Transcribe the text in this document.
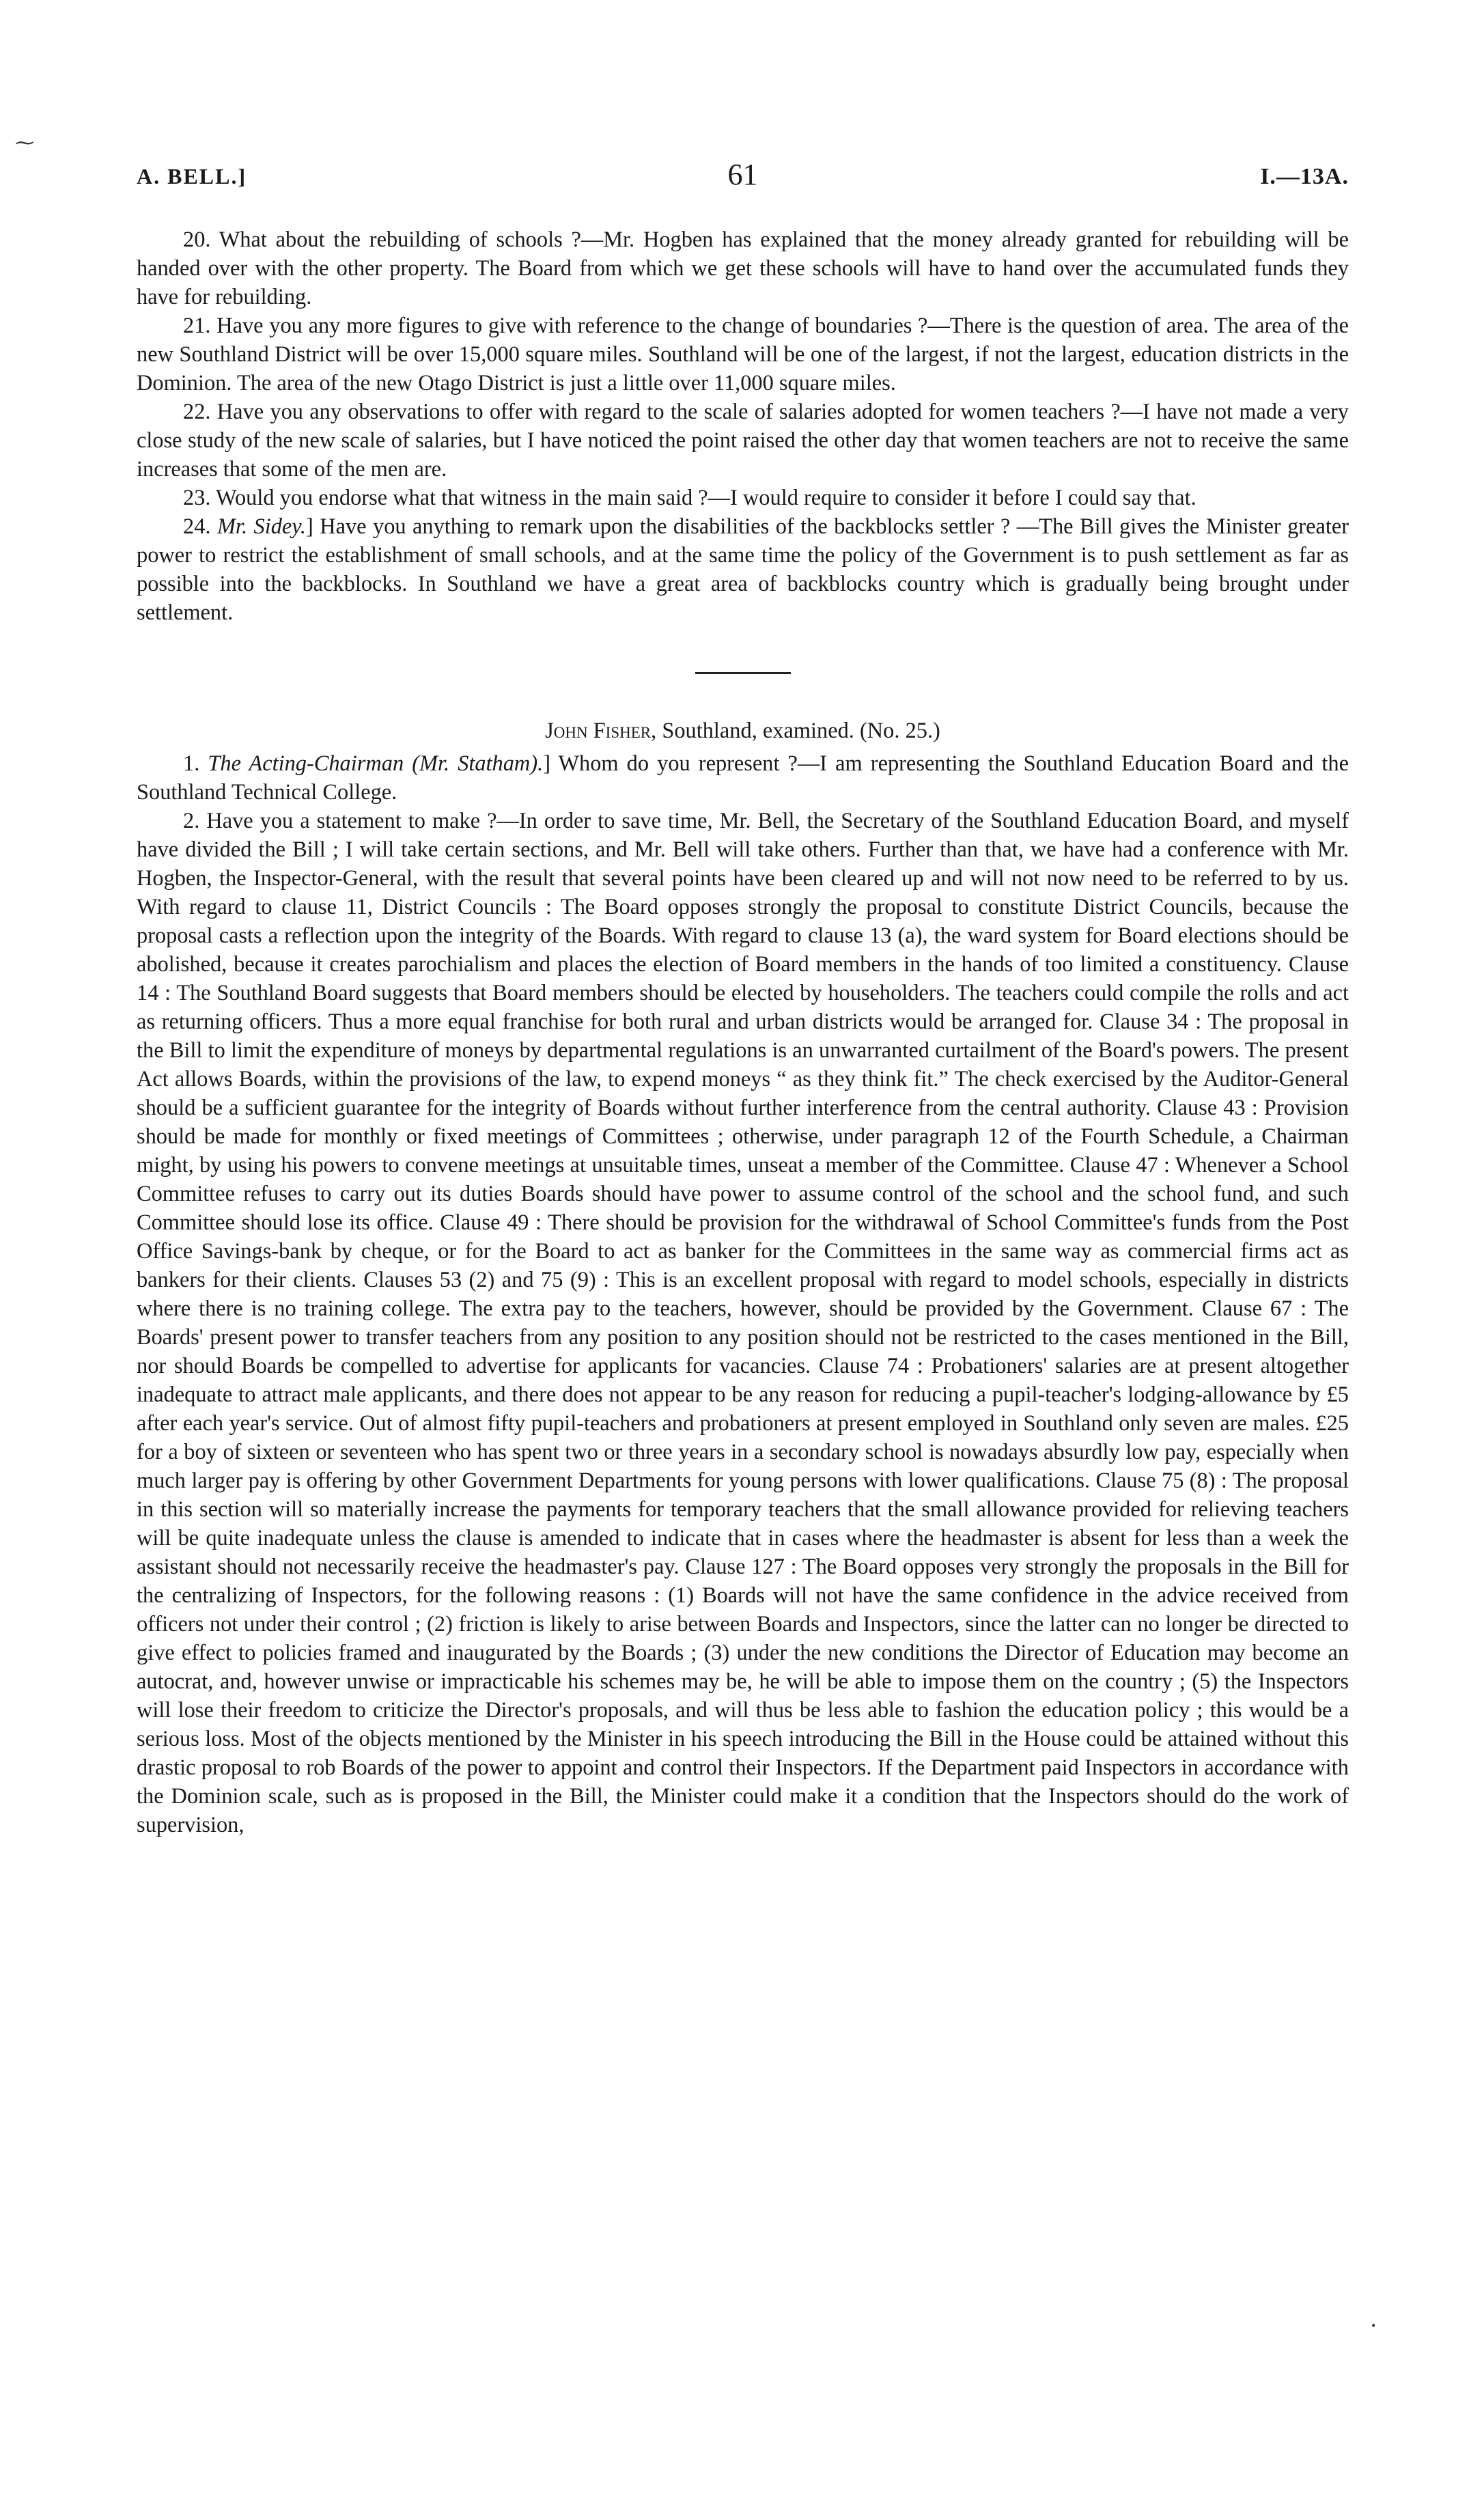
A. BELL.]	61	I.—13A.

20. What about the rebuilding of schools ?—Mr. Hogben has explained that the money already granted for rebuilding will be handed over with the other property. The Board from which we get these schools will have to hand over the accumulated funds they have for rebuilding.

21. Have you any more figures to give with reference to the change of boundaries ?—There is the question of area. The area of the new Southland District will be over 15,000 square miles. Southland will be one of the largest, if not the largest, education districts in the Dominion. The area of the new Otago District is just a little over 11,000 square miles.

22. Have you any observations to offer with regard to the scale of salaries adopted for women teachers ?—I have not made a very close study of the new scale of salaries, but I have noticed the point raised the other day that women teachers are not to receive the same increases that some of the men are.

23. Would you endorse what that witness in the main said ?—I would require to consider it before I could say that.

24. Mr. Sidey.] Have you anything to remark upon the disabilities of the backblocks settler ? —The Bill gives the Minister greater power to restrict the establishment of small schools, and at the same time the policy of the Government is to push settlement as far as possible into the backblocks. In Southland we have a great area of backblocks country which is gradually being brought under settlement.

John Fisher, Southland, examined. (No. 25.)

1. The Acting-Chairman (Mr. Statham).] Whom do you represent ?—I am representing the Southland Education Board and the Southland Technical College.

2. Have you a statement to make ?—In order to save time, Mr. Bell, the Secretary of the Southland Education Board, and myself have divided the Bill ; I will take certain sections, and Mr. Bell will take others. Further than that, we have had a conference with Mr. Hogben, the Inspector-General, with the result that several points have been cleared up and will not now need to be referred to by us. With regard to clause 11, District Councils : The Board opposes strongly the proposal to constitute District Councils, because the proposal casts a reflection upon the integrity of the Boards. With regard to clause 13 (a), the ward system for Board elections should be abolished, because it creates parochialism and places the election of Board members in the hands of too limited a constituency. Clause 14 : The Southland Board suggests that Board members should be elected by householders. The teachers could compile the rolls and act as returning officers. Thus a more equal franchise for both rural and urban districts would be arranged for. Clause 34 : The proposal in the Bill to limit the expenditure of moneys by departmental regulations is an unwarranted curtailment of the Board's powers. The present Act allows Boards, within the provisions of the law, to expend moneys “ as they think fit.” The check exercised by the Auditor-General should be a sufficient guarantee for the integrity of Boards without further interference from the central authority. Clause 43 : Provision should be made for monthly or fixed meetings of Committees ; otherwise, under paragraph 12 of the Fourth Schedule, a Chairman might, by using his powers to convene meetings at unsuitable times, unseat a member of the Committee. Clause 47 : Whenever a School Committee refuses to carry out its duties Boards should have power to assume control of the school and the school fund, and such Committee should lose its office. Clause 49 : There should be provision for the withdrawal of School Committee's funds from the Post Office Savings-bank by cheque, or for the Board to act as banker for the Committees in the same way as commercial firms act as bankers for their clients. Clauses 53 (2) and 75 (9) : This is an excellent proposal with regard to model schools, especially in districts where there is no training college. The extra pay to the teachers, however, should be provided by the Government. Clause 67 : The Boards' present power to transfer teachers from any position to any position should not be restricted to the cases mentioned in the Bill, nor should Boards be compelled to advertise for applicants for vacancies. Clause 74 : Probationers' salaries are at present altogether inadequate to attract male applicants, and there does not appear to be any reason for reducing a pupil-teacher's lodging-allowance by £5 after each year's service. Out of almost fifty pupil-teachers and probationers at present employed in Southland only seven are males. £25 for a boy of sixteen or seventeen who has spent two or three years in a secondary school is nowadays absurdly low pay, especially when much larger pay is offering by other Government Departments for young persons with lower qualifications. Clause 75 (8) : The proposal in this section will so materially increase the payments for temporary teachers that the small allowance provided for relieving teachers will be quite inadequate unless the clause is amended to indicate that in cases where the headmaster is absent for less than a week the assistant should not necessarily receive the headmaster's pay. Clause 127 : The Board opposes very strongly the proposals in the Bill for the centralizing of Inspectors, for the following reasons : (1) Boards will not have the same confidence in the advice received from officers not under their control ; (2) friction is likely to arise between Boards and Inspectors, since the latter can no longer be directed to give effect to policies framed and inaugurated by the Boards ; (3) under the new conditions the Director of Education may become an autocrat, and, however unwise or impracticable his schemes may be, he will be able to impose them on the country ; (5) the Inspectors will lose their freedom to criticize the Director's proposals, and will thus be less able to fashion the education policy ; this would be a serious loss. Most of the objects mentioned by the Minister in his speech introducing the Bill in the House could be attained without this drastic proposal to rob Boards of the power to appoint and control their Inspectors. If the Department paid Inspectors in accordance with the Dominion scale, such as is proposed in the Bill, the Minister could make it a condition that the Inspectors should do the work of supervision,

⁓
•
